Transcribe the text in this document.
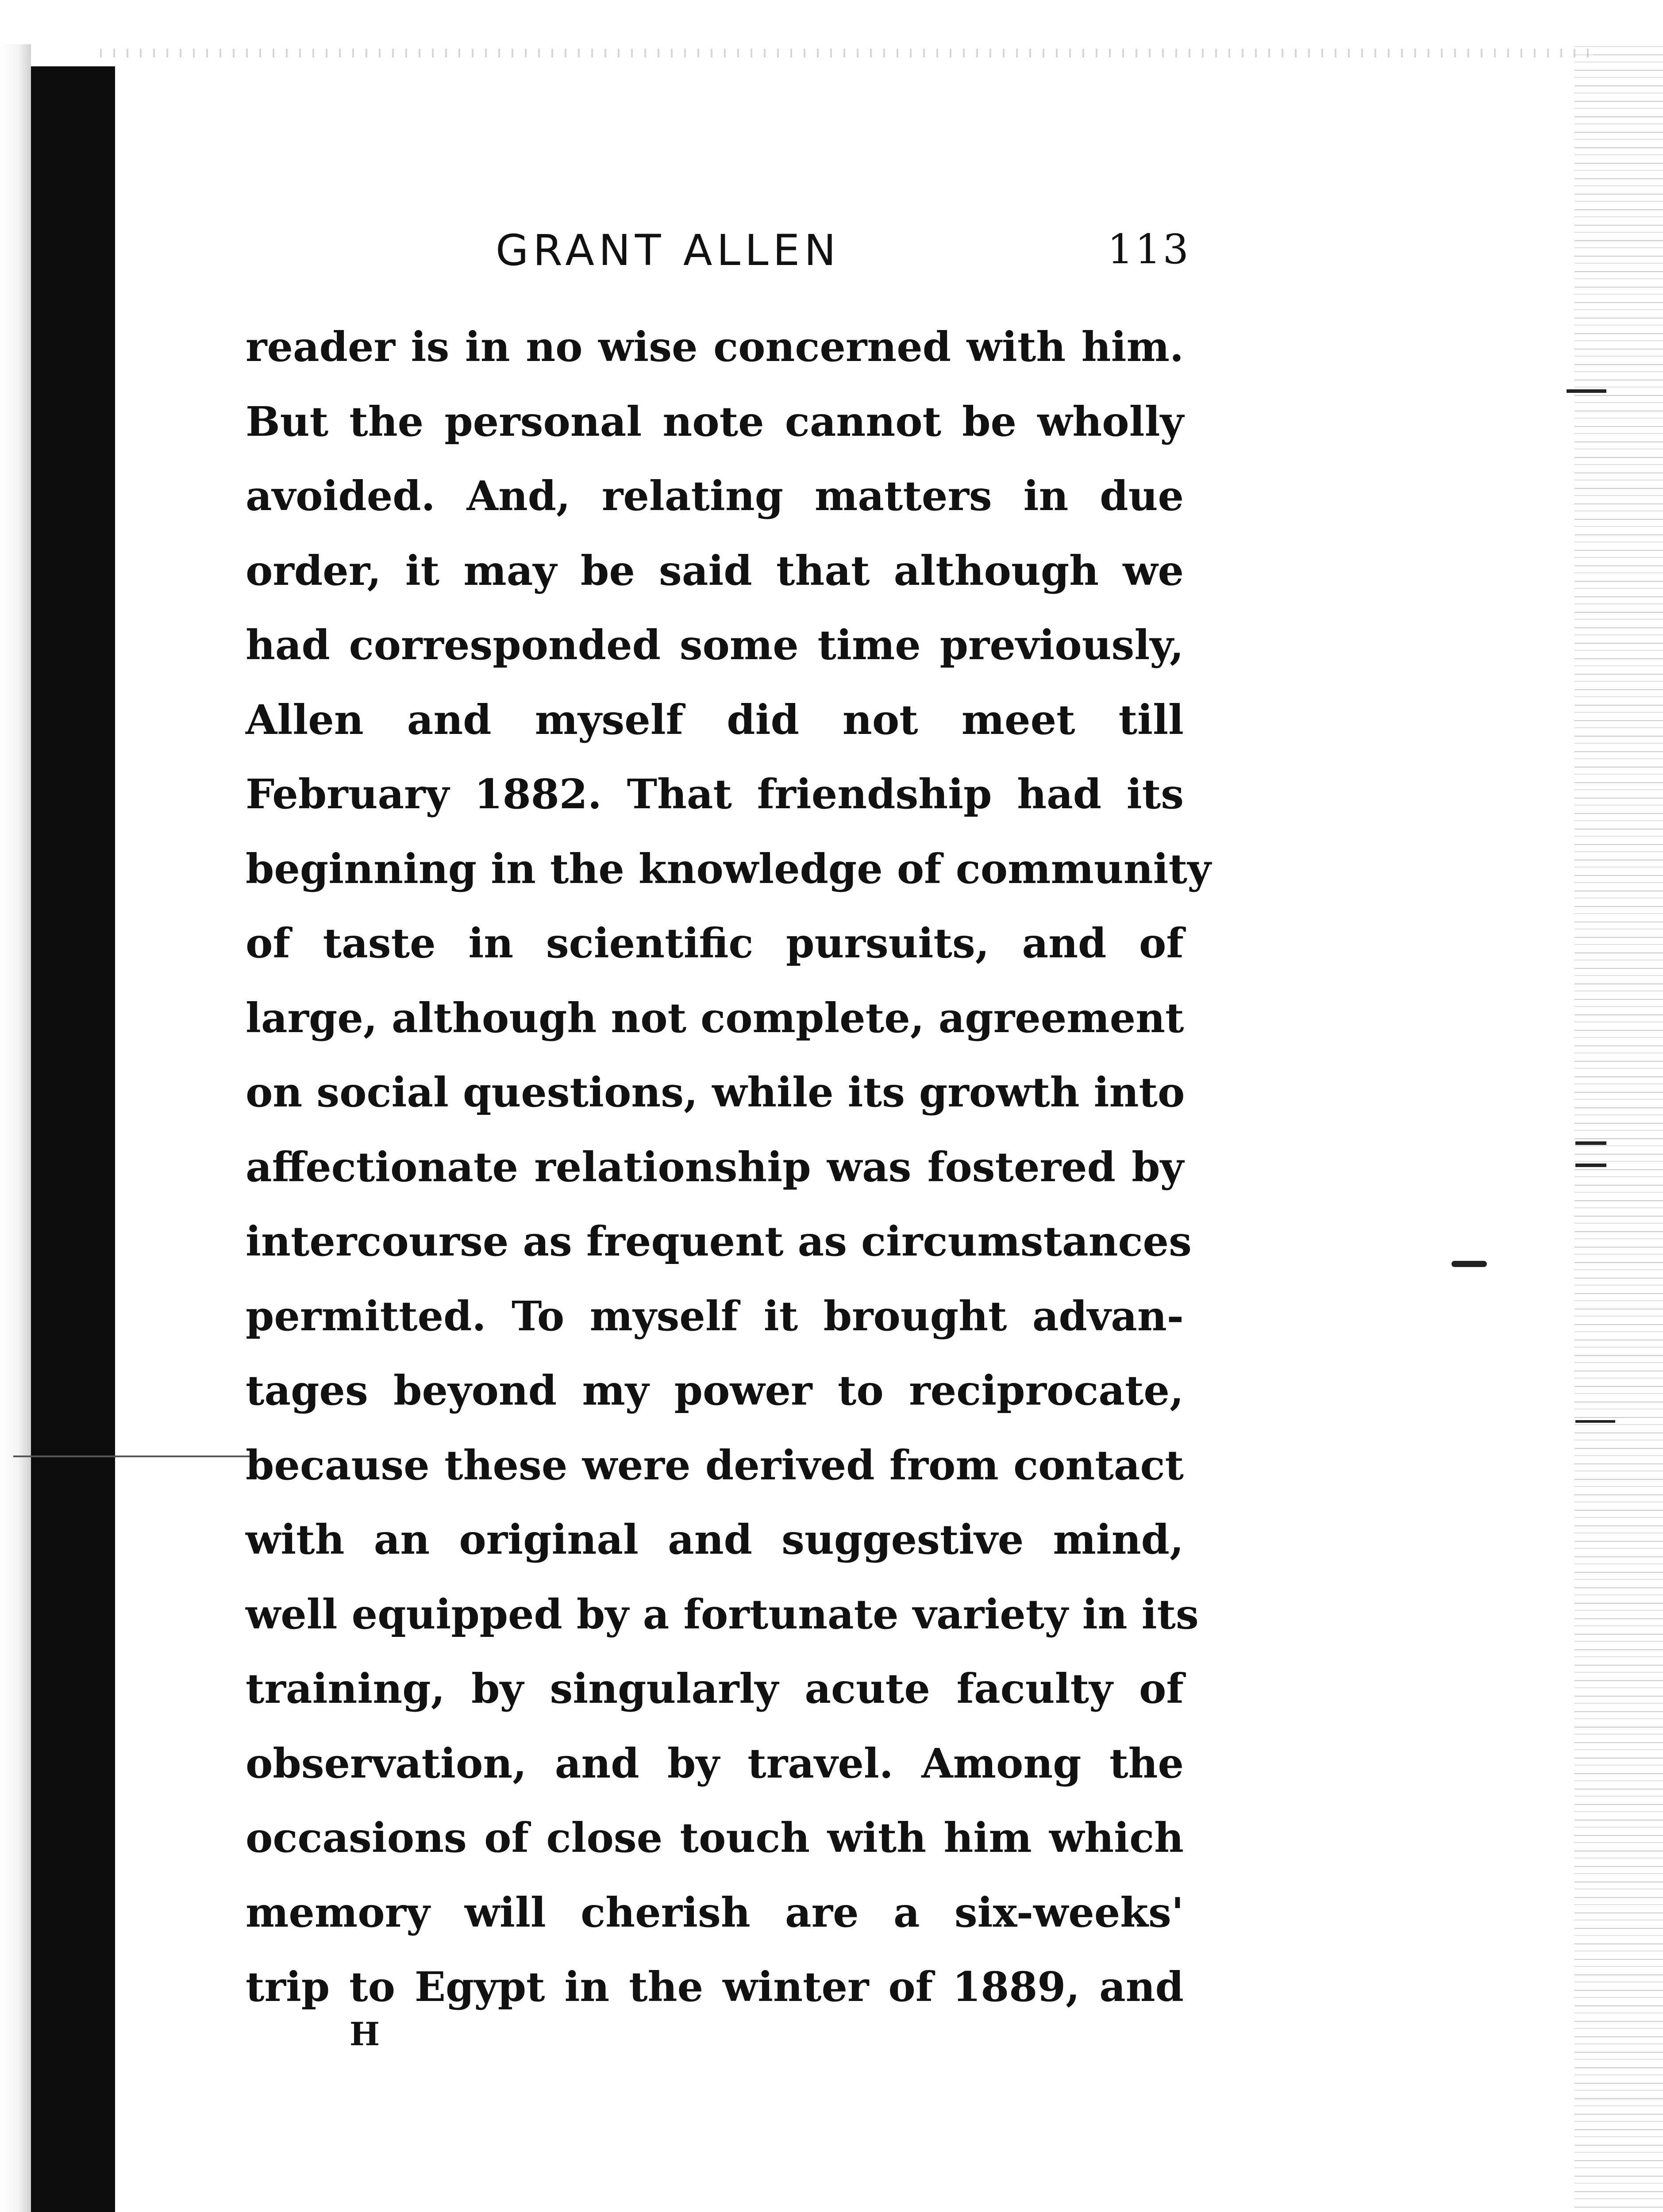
GRANT ALLEN	113
reader is in no wise concerned with him.
But the personal note cannot be wholly
avoided. And, relating matters in due
order, it may be said that although we
had corresponded some time previously,
Allen and myself did not meet till
February 1882. That friendship had its
beginning in the knowledge of community
of taste in scientific pursuits, and of
large, although not complete, agreement
on social questions, while its growth into
affectionate relationship was fostered by
intercourse as frequent as circumstances
permitted. To myself it brought advan-
tages beyond my power to reciprocate,
because these were derived from contact
with an original and suggestive mind,
well equipped by a fortunate variety in its
training, by singularly acute faculty of
observation, and by travel. Among the
occasions of close touch with him which
memory will cherish are a six-weeks'
trip to Egypt in the winter of 1889, and
H
